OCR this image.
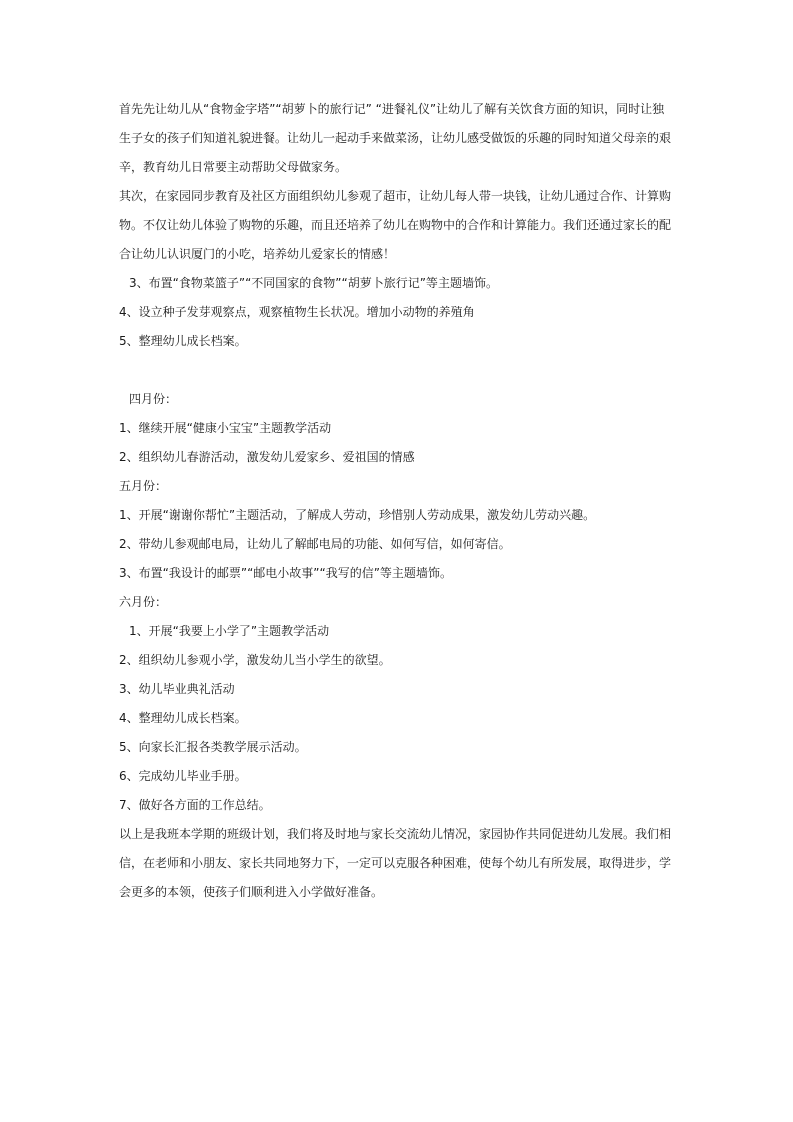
首先先让幼儿从“食物金字塔”“胡萝卜的旅行记” “进餐礼仪”让幼儿了解有关饮食方面的知识，同时让独生子女的孩子们知道礼貌进餐。让幼儿一起动手来做菜汤，让幼儿感受做饭的乐趣的同时知道父母亲的艰辛，教育幼儿日常要主动帮助父母做家务。

其次，在家园同步教育及社区方面组织幼儿参观了超市，让幼儿每人带一块钱，让幼儿通过合作、计算购物。不仅让幼儿体验了购物的乐趣，而且还培养了幼儿在购物中的合作和计算能力。我们还通过家长的配合让幼儿认识厦门的小吃，培养幼儿爱家长的情感！

3、布置“食物菜篮子”“不同国家的食物”“胡萝卜旅行记”等主题墙饰。

4、设立种子发芽观察点，观察植物生长状况。增加小动物的养殖角

5、整理幼儿成长档案。

四月份：

1、继续开展“健康小宝宝”主题教学活动

2、组织幼儿春游活动，激发幼儿爱家乡、爱祖国的情感

五月份：

1、开展“谢谢你帮忙”主题活动，了解成人劳动，珍惜别人劳动成果，激发幼儿劳动兴趣。

2、带幼儿参观邮电局，让幼儿了解邮电局的功能、如何写信，如何寄信。

3、布置“我设计的邮票”“邮电小故事”“我写的信”等主题墙饰。

六月份：

1、开展“我要上小学了”主题教学活动

2、组织幼儿参观小学，激发幼儿当小学生的欲望。

3、幼儿毕业典礼活动

4、整理幼儿成长档案。

5、向家长汇报各类教学展示活动。

6、完成幼儿毕业手册。

7、做好各方面的工作总结。

以上是我班本学期的班级计划，我们将及时地与家长交流幼儿情况，家园协作共同促进幼儿发展。我们相信，在老师和小朋友、家长共同地努力下，一定可以克服各种困难，使每个幼儿有所发展，取得进步，学会更多的本领，使孩子们顺利进入小学做好准备。
